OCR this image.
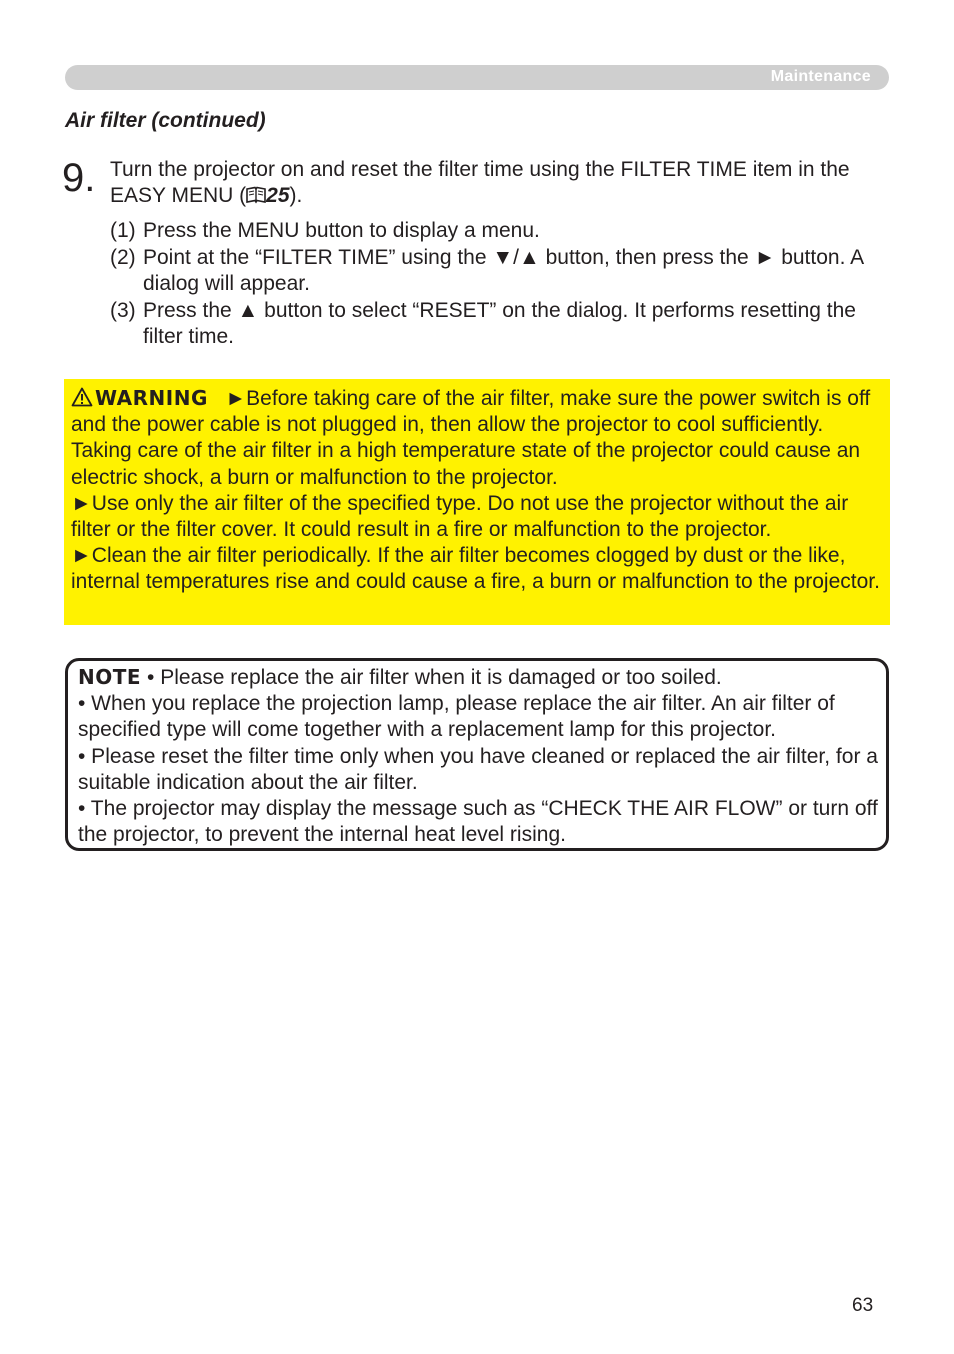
Maintenance
Air filter (continued)
9. Turn the projector on and reset the filter time using the FILTER TIME item in the EASY MENU ( 25).
(1) Press the MENU button to display a menu.
(2) Point at the “FILTER TIME” using the ▼/▲ button, then press the ► button. A dialog will appear.
(3) Press the ▲ button to select “RESET” on the dialog. It performs resetting the filter time.
WARNING ►Before taking care of the air filter, make sure the power switch is off and the power cable is not plugged in, then allow the projector to cool sufficiently. Taking care of the air filter in a high temperature state of the projector could cause an electric shock, a burn or malfunction to the projector.
►Use only the air filter of the specified type. Do not use the projector without the air filter or the filter cover. It could result in a fire or malfunction to the projector.
►Clean the air filter periodically. If the air filter becomes clogged by dust or the like, internal temperatures rise and could cause a fire, a burn or malfunction to the projector.
NOTE • Please replace the air filter when it is damaged or too soiled.
• When you replace the projection lamp, please replace the air filter. An air filter of specified type will come together with a replacement lamp for this projector.
• Please reset the filter time only when you have cleaned or replaced the air filter, for a suitable indication about the air filter.
• The projector may display the message such as “CHECK THE AIR FLOW” or turn off the projector, to prevent the internal heat level rising.
63
